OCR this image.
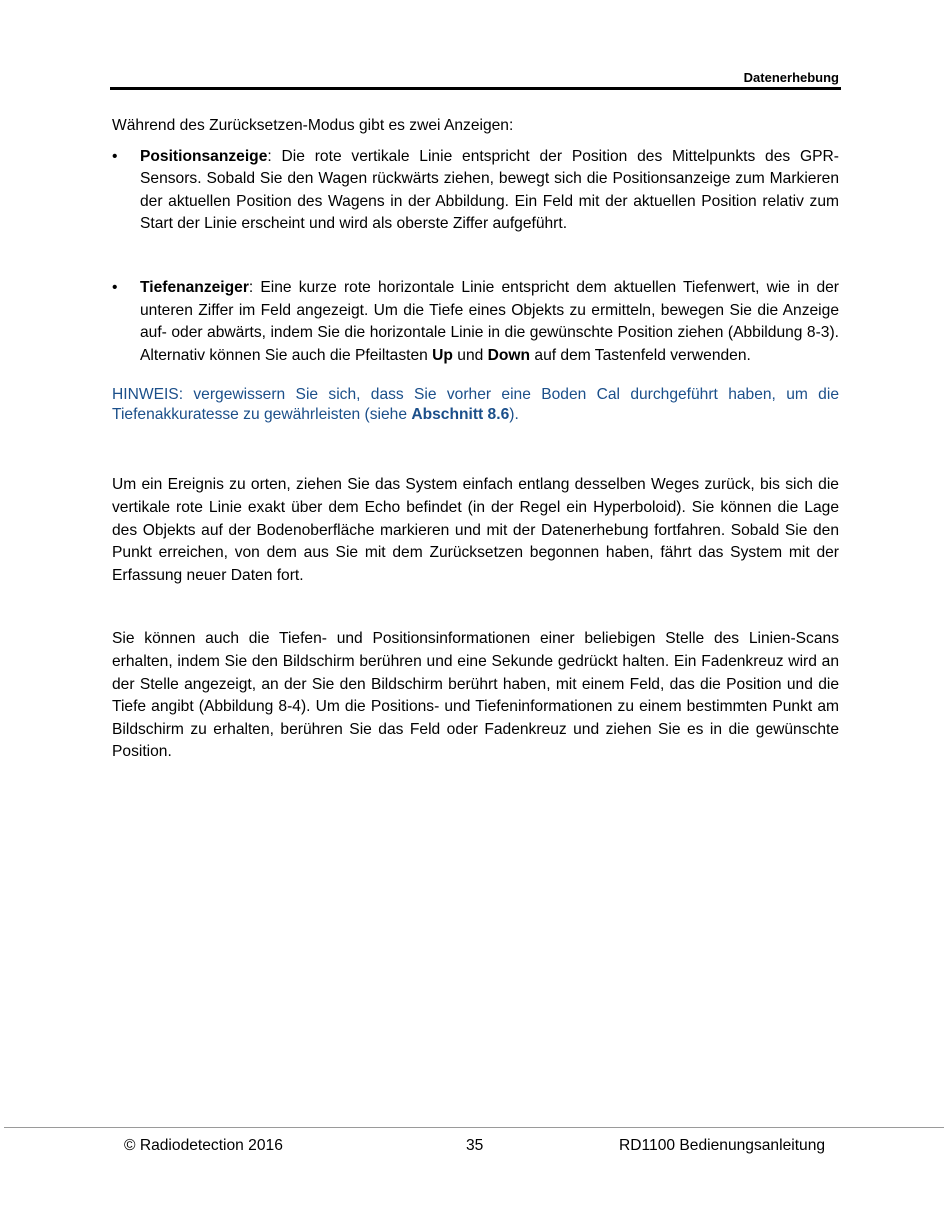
Datenerhebung

Während des Zurücksetzen-Modus gibt es zwei Anzeigen:

• Positionsanzeige: Die rote vertikale Linie entspricht der Position des Mittelpunkts des GPR-Sensors. Sobald Sie den Wagen rückwärts ziehen, bewegt sich die Positionsanzeige zum Markieren der aktuellen Position des Wagens in der Abbildung. Ein Feld mit der aktuellen Position relativ zum Start der Linie erscheint und wird als oberste Ziffer aufgeführt.
• Tiefenanzeiger: Eine kurze rote horizontale Linie entspricht dem aktuellen Tiefenwert, wie in der unteren Ziffer im Feld angezeigt. Um die Tiefe eines Objekts zu ermitteln, bewegen Sie die Anzeige auf- oder abwärts, indem Sie die horizontale Linie in die gewünschte Position ziehen (Abbildung 8-3). Alternativ können Sie auch die Pfeiltasten Up und Down auf dem Tastenfeld verwenden.

HINWEIS: vergewissern Sie sich, dass Sie vorher eine Boden Cal durchgeführt haben, um die Tiefenakkuratesse zu gewährleisten (siehe Abschnitt 8.6).

Um ein Ereignis zu orten, ziehen Sie das System einfach entlang desselben Weges zurück, bis sich die vertikale rote Linie exakt über dem Echo befindet (in der Regel ein Hyperboloid). Sie können die Lage des Objekts auf der Bodenoberfläche markieren und mit der Datenerhebung fortfahren. Sobald Sie den Punkt erreichen, von dem aus Sie mit dem Zurücksetzen begonnen haben, fährt das System mit der Erfassung neuer Daten fort.

Sie können auch die Tiefen- und Positionsinformationen einer beliebigen Stelle des Linien-Scans erhalten, indem Sie den Bildschirm berühren und eine Sekunde gedrückt halten. Ein Fadenkreuz wird an der Stelle angezeigt, an der Sie den Bildschirm berührt haben, mit einem Feld, das die Position und die Tiefe angibt (Abbildung 8-4). Um die Positions- und Tiefeninformationen zu einem bestimmten Punkt am Bildschirm zu erhalten, berühren Sie das Feld oder Fadenkreuz und ziehen Sie es in die gewünschte Position.

© Radiodetection 2016	35	RD1100 Bedienungsanleitung
